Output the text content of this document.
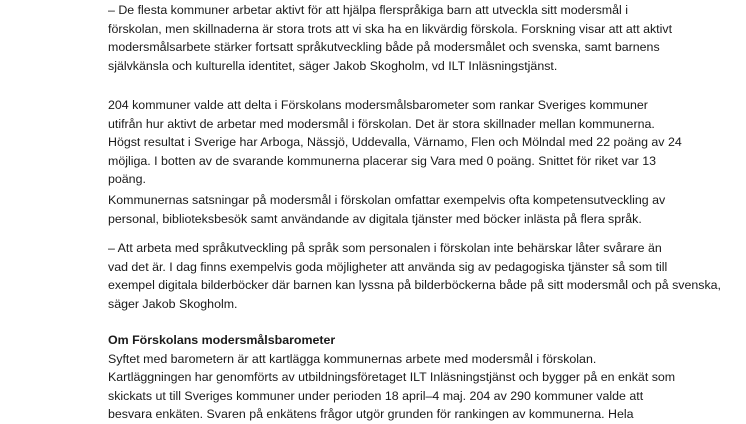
– De flesta kommuner arbetar aktivt för att hjälpa flerspråkiga barn att utveckla sitt modersmål i
förskolan, men skillnaderna är stora trots att vi ska ha en likvärdig förskola. Forskning visar att att aktivt
modersmålsarbete stärker fortsatt språkutveckling både på modersmålet och svenska, samt barnens
självkänsla och kulturella identitet, säger Jakob Skogholm, vd ILT Inläsningstjänst.
204 kommuner valde att delta i Förskolans modersmålsbarometer som rankar Sveriges kommuner
utifrån hur aktivt de arbetar med modersmål i förskolan. Det är stora skillnader mellan kommunerna.
Högst resultat i Sverige har Arboga, Nässjö, Uddevalla, Värnamo, Flen och Mölndal med 22 poäng av 24
möjliga. I botten av de svarande kommunerna placerar sig Vara med 0 poäng. Snittet för riket var 13
poäng.
Kommunernas satsningar på modersmål i förskolan omfattar exempelvis ofta kompetensutveckling av
personal, biblioteksbesök samt användande av digitala tjänster med böcker inlästa på flera språk.
– Att arbeta med språkutveckling på språk som personalen i förskolan inte behärskar låter svårare än
vad det är. I dag finns exempelvis goda möjligheter att använda sig av pedagogiska tjänster så som till
exempel digitala bilderböcker där barnen kan lyssna på bilderböckerna både på sitt modersmål och på svenska,
säger Jakob Skogholm.
Om Förskolans modersmålsbarometer
Syftet med barometern är att kartlägga kommunernas arbete med modersmål i förskolan.
Kartläggningen har genomförts av utbildningsföretaget ILT Inläsningstjänst och bygger på en enkät som
skickats ut till Sveriges kommuner under perioden 18 april–4 maj. 204 av 290 kommuner valde att
besvara enkäten. Svaren på enkätens frågor utgör grunden för rankingen av kommunerna. Hela
